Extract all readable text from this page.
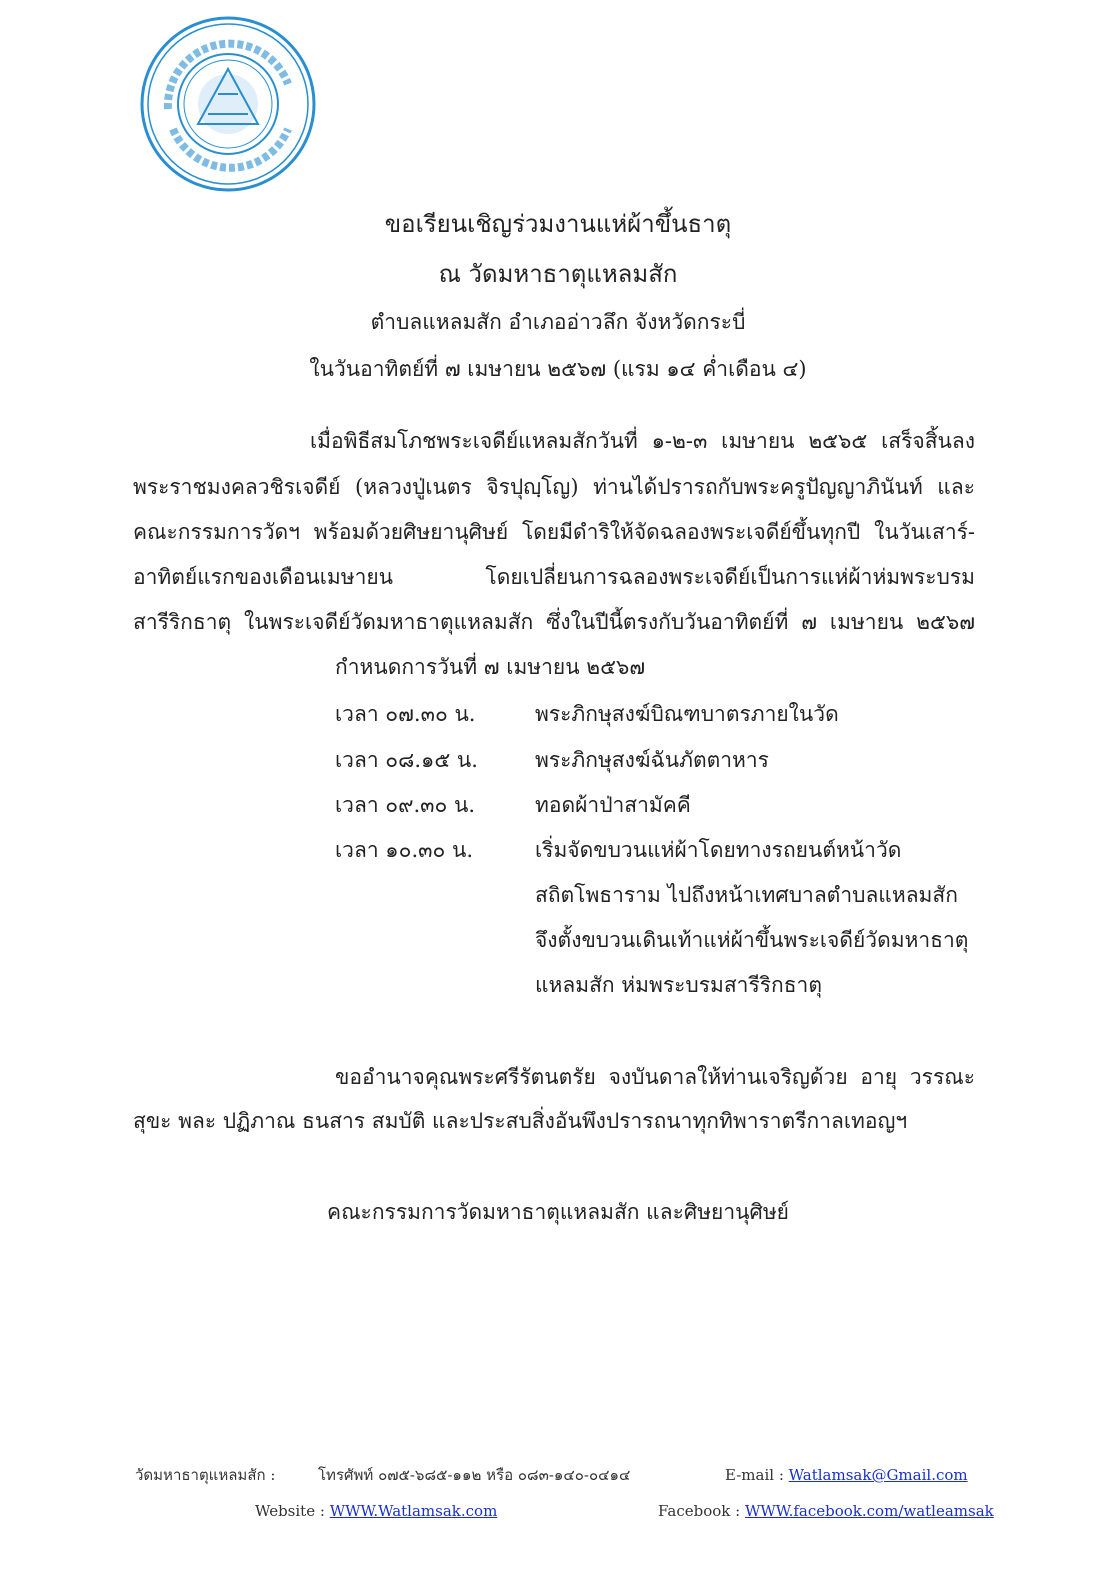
ขอเรียนเชิญร่วมงานแห่ผ้าขึ้นธาตุ
ณ วัดมหาธาตุแหลมสัก
ตำบลแหลมสัก อำเภออ่าวลึก จังหวัดกระบี่
ในวันอาทิตย์ที่ ๗ เมษายน ๒๕๖๗ (แรม ๑๔ ค่ำเดือน ๔)
เมื่อพิธีสมโภชพระเจดีย์แหลมสักวันที่ ๑-๒-๓ เมษายน ๒๕๖๕ เสร็จสิ้นลง
พระราชมงคลวชิรเจดีย์ (หลวงปู่เนตร จิรปุญฺโญ) ท่านได้ปรารถกับพระครูปัญญาภินันท์ และ
คณะกรรมการวัดฯ พร้อมด้วยศิษยานุศิษย์ โดยมีดำริให้จัดฉลองพระเจดีย์ขึ้นทุกปี ในวันเสาร์-
อาทิตย์แรกของเดือนเมษายน	โดยเปลี่ยนการฉลองพระเจดีย์เป็นการแห่ผ้าห่มพระบรม
สารีริกธาตุ ในพระเจดีย์วัดมหาธาตุแหลมสัก ซึ่งในปีนี้ตรงกับวันอาทิตย์ที่ ๗ เมษายน ๒๕๖๗
กำหนดการวันที่ ๗ เมษายน ๒๕๖๗
เวลา ๐๗.๓๐ น.	พระภิกษุสงฆ์บิณฑบาตรภายในวัด
เวลา ๐๘.๑๕ น.	พระภิกษุสงฆ์ฉันภัตตาหาร
เวลา ๐๙.๓๐ น.	ทอดผ้าป่าสามัคคี
เวลา ๑๐.๓๐ น.	เริ่มจัดขบวนแห่ผ้าโดยทางรถยนต์หน้าวัด
สถิตโพธาราม ไปถึงหน้าเทศบาลตำบลแหลมสัก
จึงตั้งขบวนเดินเท้าแห่ผ้าขึ้นพระเจดีย์วัดมหาธาตุ
แหลมสัก ห่มพระบรมสารีริกธาตุ
ขออำนาจคุณพระศรีรัตนตรัย จงบันดาลให้ท่านเจริญด้วย อายุ วรรณะ
สุขะ พละ ปฏิภาณ ธนสาร สมบัติ และประสบสิ่งอันพึงปรารถนาทุกทิพาราตรีกาลเทอญฯ
คณะกรรมการวัดมหาธาตุแหลมสัก และศิษยานุศิษย์
วัดมหาธาตุแหลมสัก :	โทรศัพท์ ๐๗๕-๖๘๕-๑๑๒ หรือ ๐๘๓-๑๔๐-๐๔๑๔	E-mail : Watlamsak@Gmail.com
Website : WWW.Watlamsak.com	Facebook : WWW.facebook.com/watleamsak
